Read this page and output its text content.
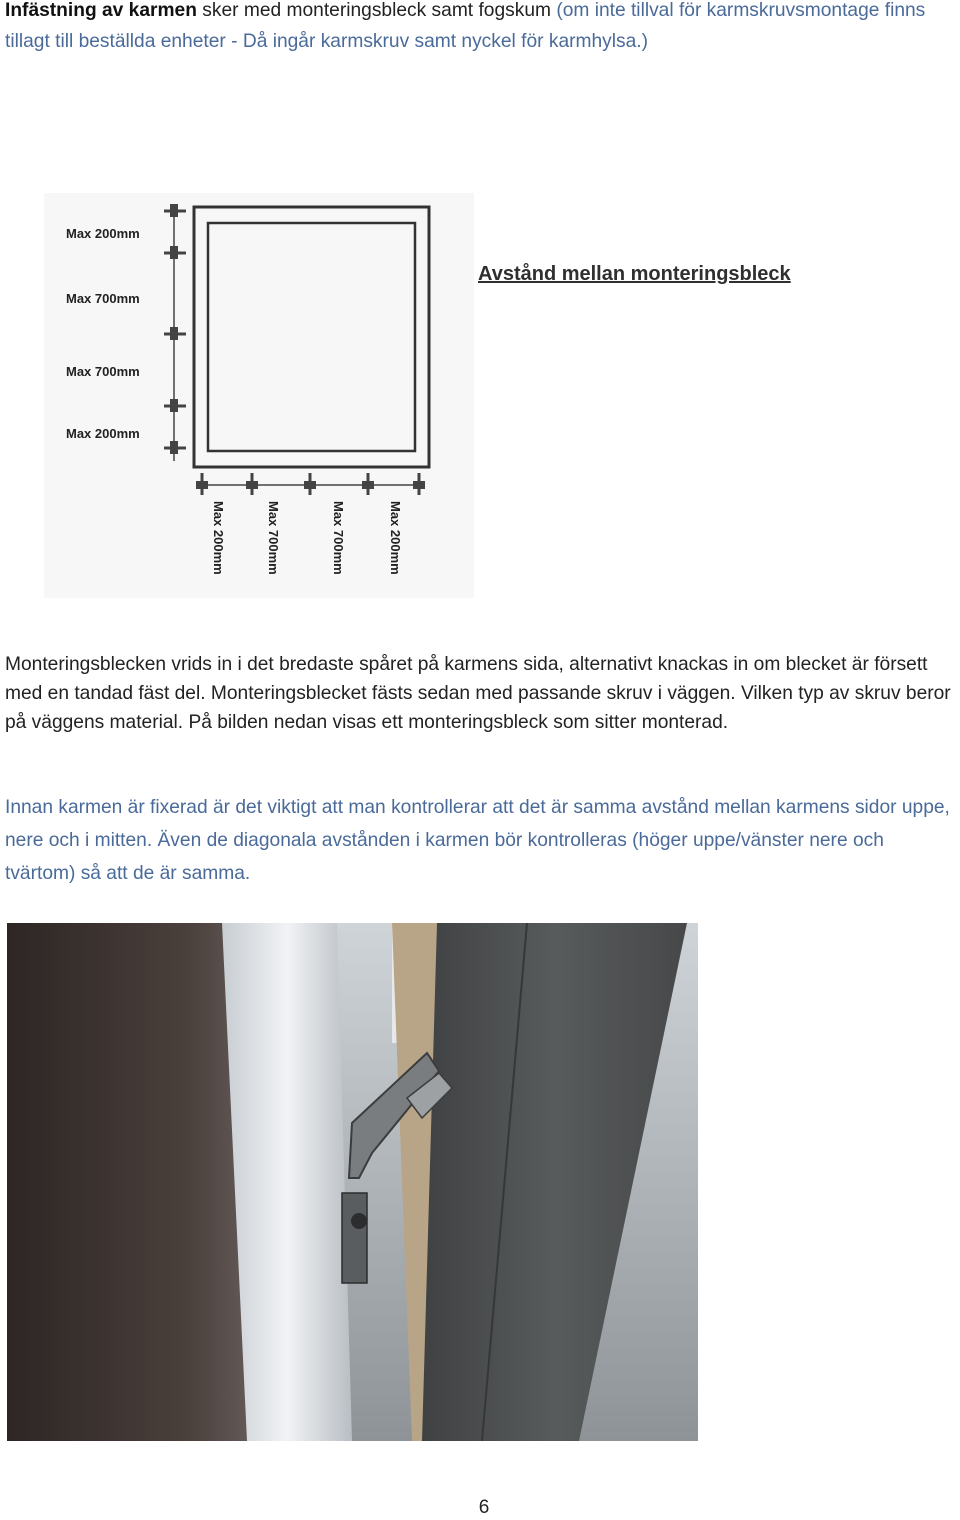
Infästning av karmen sker med monteringsbleck samt fogskum (om inte tillval för karmskruvsmontage finns tillagt till beställda enheter - Då ingår karmskruv samt nyckel för karmhylsa.)

Max 200mm
Max 700mm
Max 700mm
Max 200mm
Max 200mm	Max 700mm	Max 700mm	Max 200mm

Avstånd mellan monteringsbleck

Monteringsblecken vrids in i det bredaste spåret på karmens sida, alternativt knackas in om blecket är försett med en tandad fäst del. Monteringsblecket fästs sedan med passande skruv i väggen. Vilken typ av skruv beror på väggens material. På bilden nedan visas ett monteringsbleck som sitter monterad.

Innan karmen är fixerad är det viktigt att man kontrollerar att det är samma avstånd mellan karmens sidor uppe, nere och i mitten. Även de diagonala avstånden i karmen bör kontrolleras (höger uppe/vänster nere och tvärtom) så att de är samma.

6
